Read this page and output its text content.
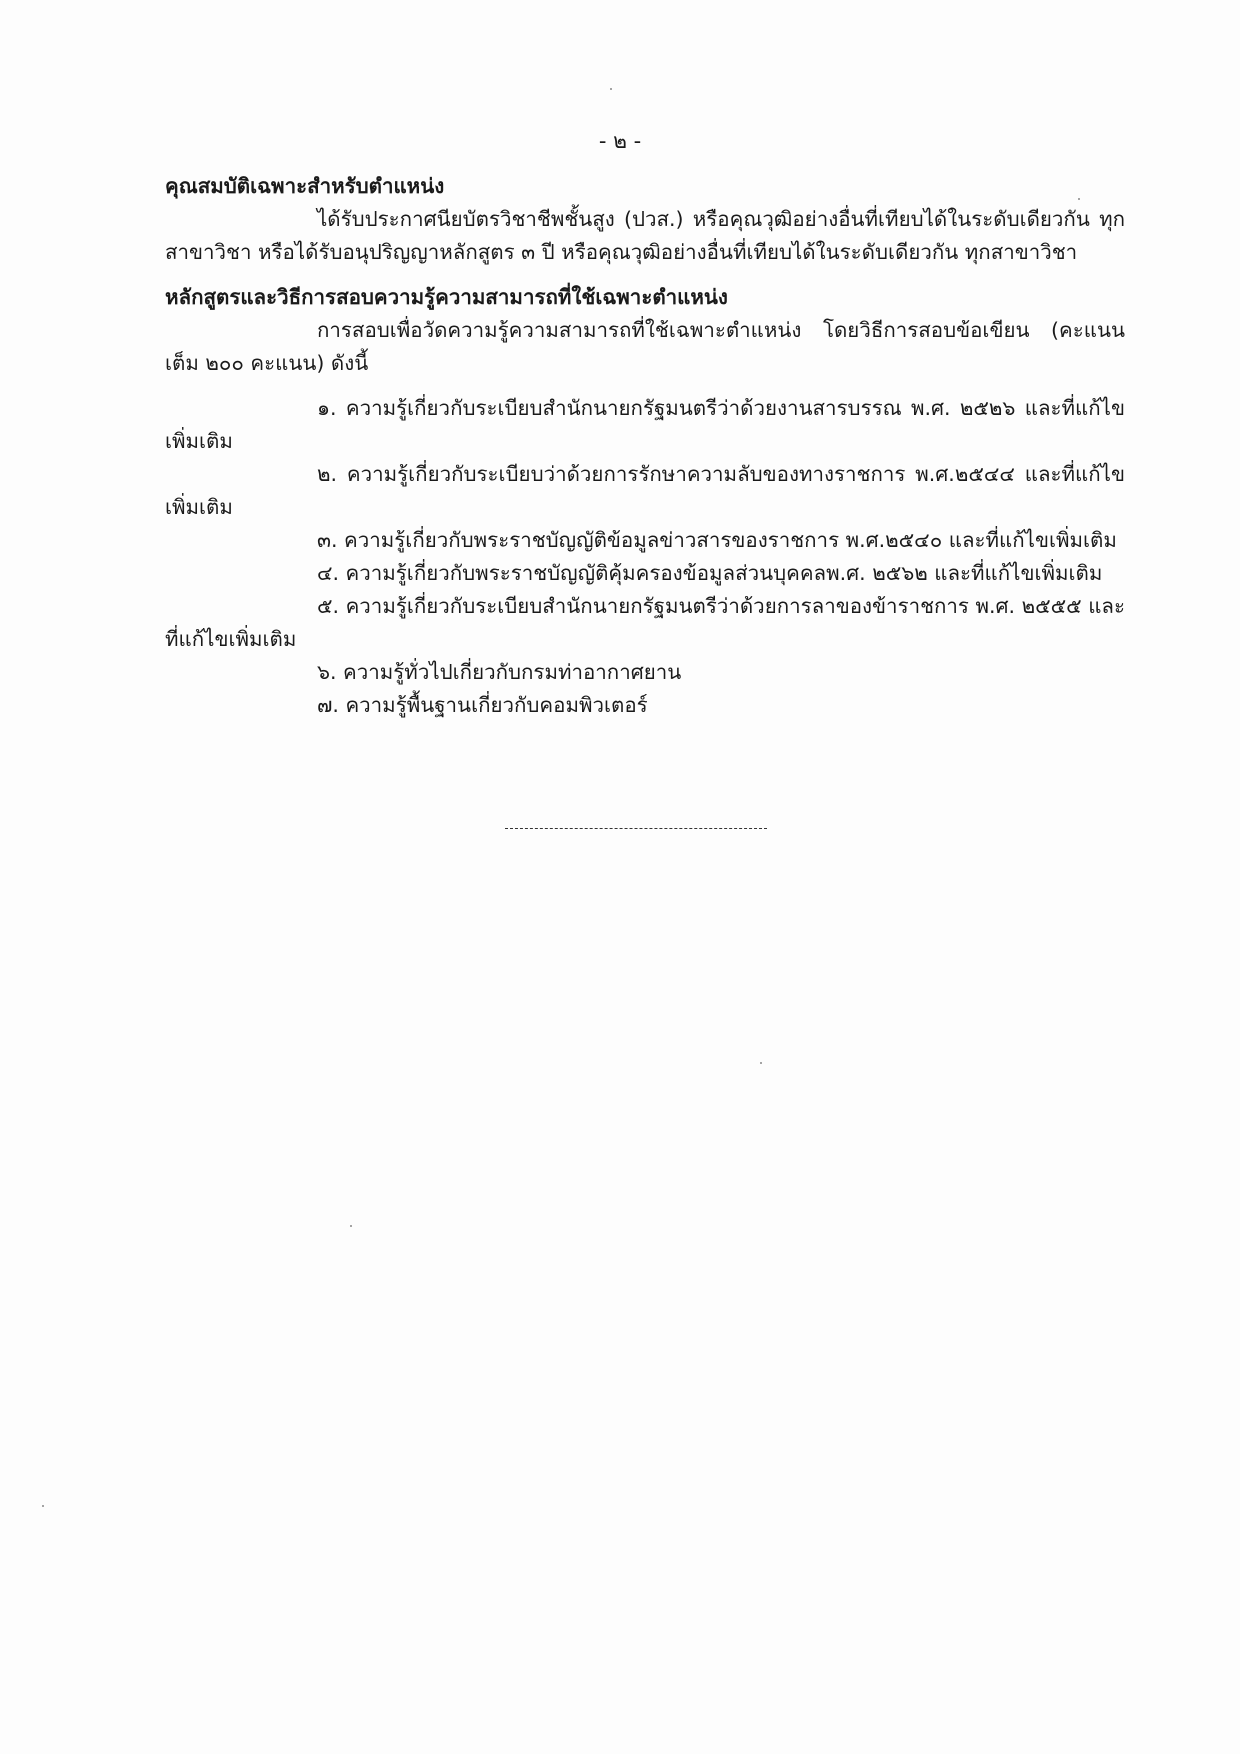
- ๒ -

คุณสมบัติเฉพาะสำหรับตำแหน่ง

ได้รับประกาศนียบัตรวิชาชีพชั้นสูง (ปวส.) หรือคุณวุฒิอย่างอื่นที่เทียบได้ในระดับเดียวกัน ทุกสาขาวิชา หรือได้รับอนุปริญญาหลักสูตร ๓ ปี หรือคุณวุฒิอย่างอื่นที่เทียบได้ในระดับเดียวกัน ทุกสาขาวิชา

หลักสูตรและวิธีการสอบความรู้ความสามารถที่ใช้เฉพาะตำแหน่ง

การสอบเพื่อวัดความรู้ความสามารถที่ใช้เฉพาะตำแหน่ง โดยวิธีการสอบข้อเขียน (คะแนนเต็ม ๒๐๐ คะแนน) ดังนี้

๑. ความรู้เกี่ยวกับระเบียบสำนักนายกรัฐมนตรีว่าด้วยงานสารบรรณ พ.ศ. ๒๕๒๖ และที่แก้ไขเพิ่มเติม

๒. ความรู้เกี่ยวกับระเบียบว่าด้วยการรักษาความลับของทางราชการ พ.ศ.๒๕๔๔ และที่แก้ไข เพิ่มเติม

๓. ความรู้เกี่ยวกับพระราชบัญญัติข้อมูลข่าวสารของราชการ พ.ศ.๒๕๔๐ และที่แก้ไขเพิ่มเติม

๔. ความรู้เกี่ยวกับพระราชบัญญัติคุ้มครองข้อมูลส่วนบุคคลพ.ศ. ๒๕๖๒ และที่แก้ไขเพิ่มเติม

๕. ความรู้เกี่ยวกับระเบียบสำนักนายกรัฐมนตรีว่าด้วยการลาของข้าราชการ พ.ศ. ๒๕๕๕ และที่แก้ไขเพิ่มเติม

๖. ความรู้ทั่วไปเกี่ยวกับกรมท่าอากาศยาน

๗. ความรู้พื้นฐานเกี่ยวกับคอมพิวเตอร์
